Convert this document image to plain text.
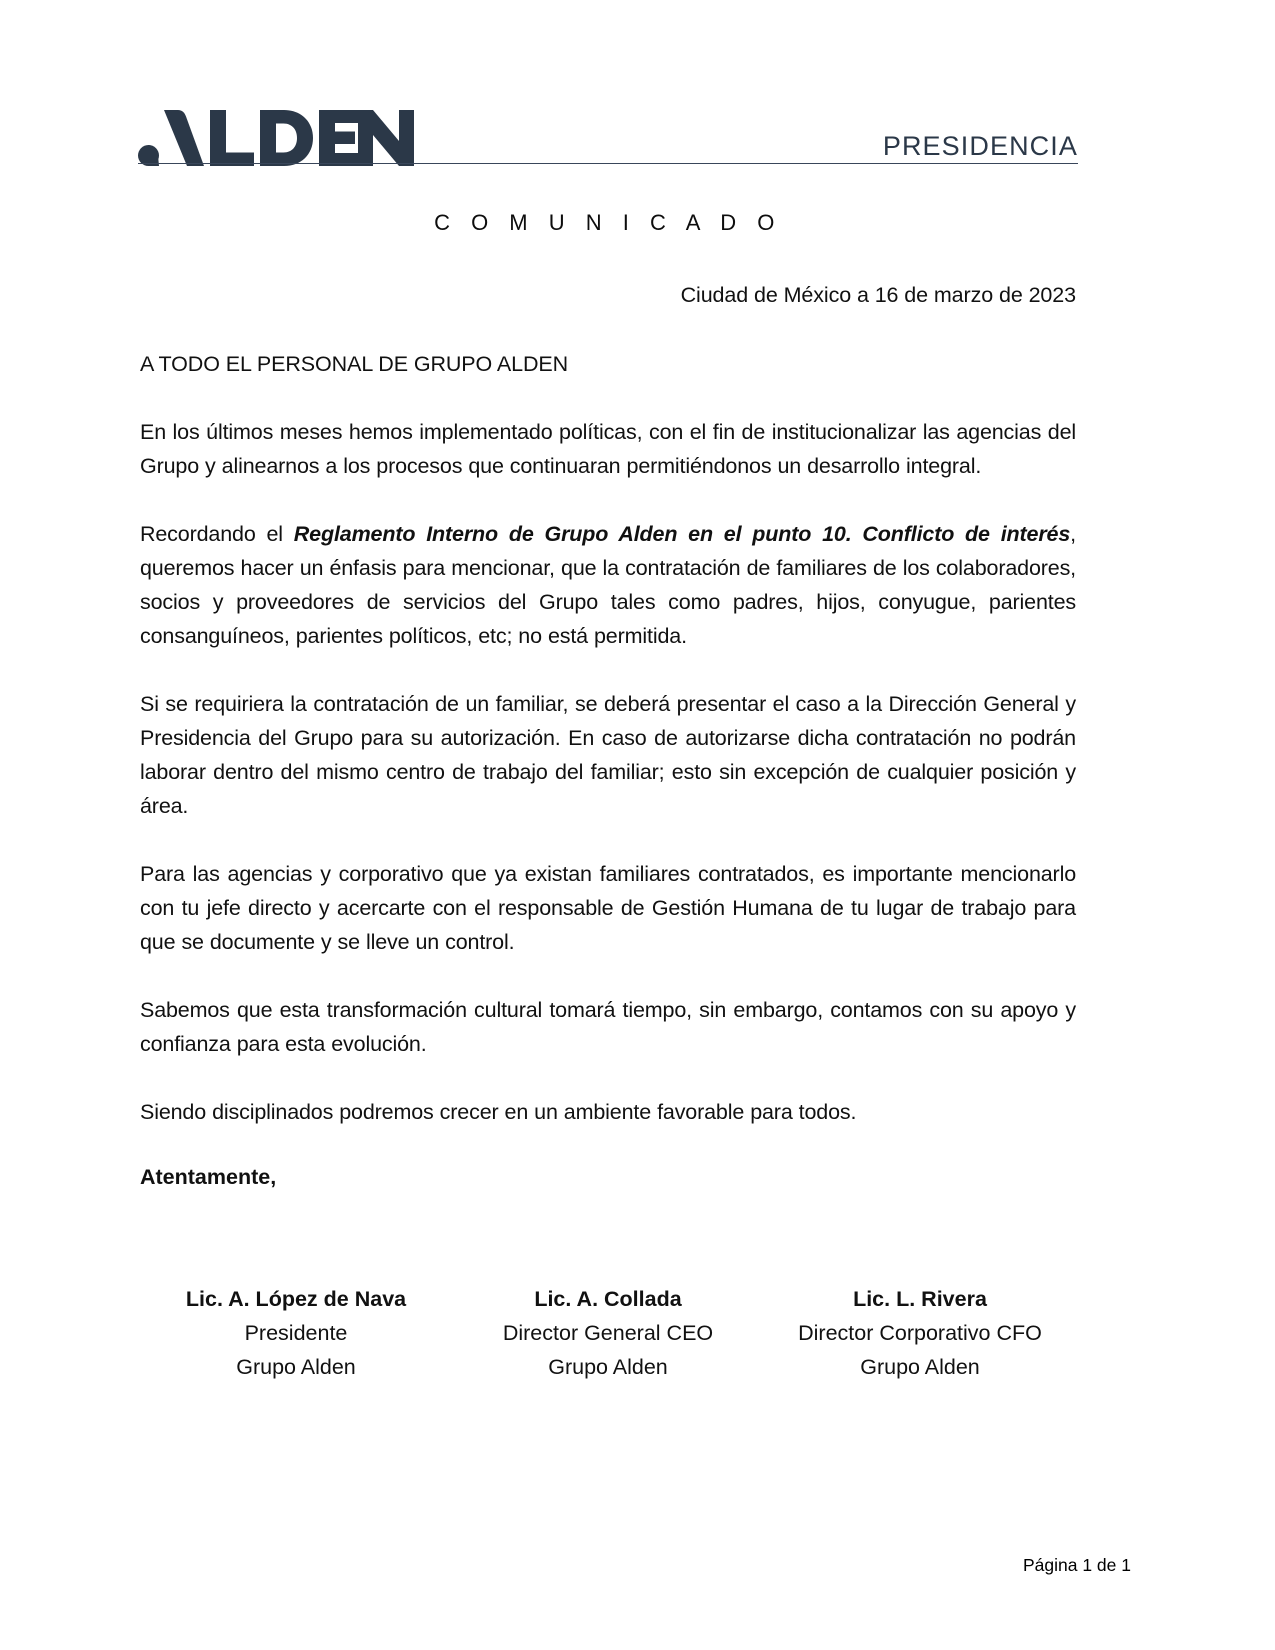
PRESIDENCIA
C O M U N I C A D O
Ciudad de México a 16 de marzo de 2023
A TODO EL PERSONAL DE GRUPO ALDEN

En los últimos meses hemos implementado políticas, con el fin de institucionalizar las agencias del Grupo y alinearnos a los procesos que continuaran permitiéndonos un desarrollo integral.

Recordando el Reglamento Interno de Grupo Alden en el punto 10. Conflicto de interés, queremos hacer un énfasis para mencionar, que la contratación de familiares de los colaboradores, socios y proveedores de servicios del Grupo tales como padres, hijos, conyugue, parientes consanguíneos, parientes políticos, etc; no está permitida.

Si se requiriera la contratación de un familiar, se deberá presentar el caso a la Dirección General y Presidencia del Grupo para su autorización. En caso de autorizarse dicha contratación no podrán laborar dentro del mismo centro de trabajo del familiar; esto sin excepción de cualquier posición y área.

Para las agencias y corporativo que ya existan familiares contratados, es importante mencionarlo con tu jefe directo y acercarte con el responsable de Gestión Humana de tu lugar de trabajo para que se documente y se lleve un control.

Sabemos que esta transformación cultural tomará tiempo, sin embargo, contamos con su apoyo y confianza para esta evolución.

Siendo disciplinados podremos crecer en un ambiente favorable para todos.

Atentamente,
Lic. A. López de Nava
Presidente
Grupo Alden
Lic. A. Collada
Director General CEO
Grupo Alden
Lic. L. Rivera
Director Corporativo CFO
Grupo Alden
Página 1 de 1
